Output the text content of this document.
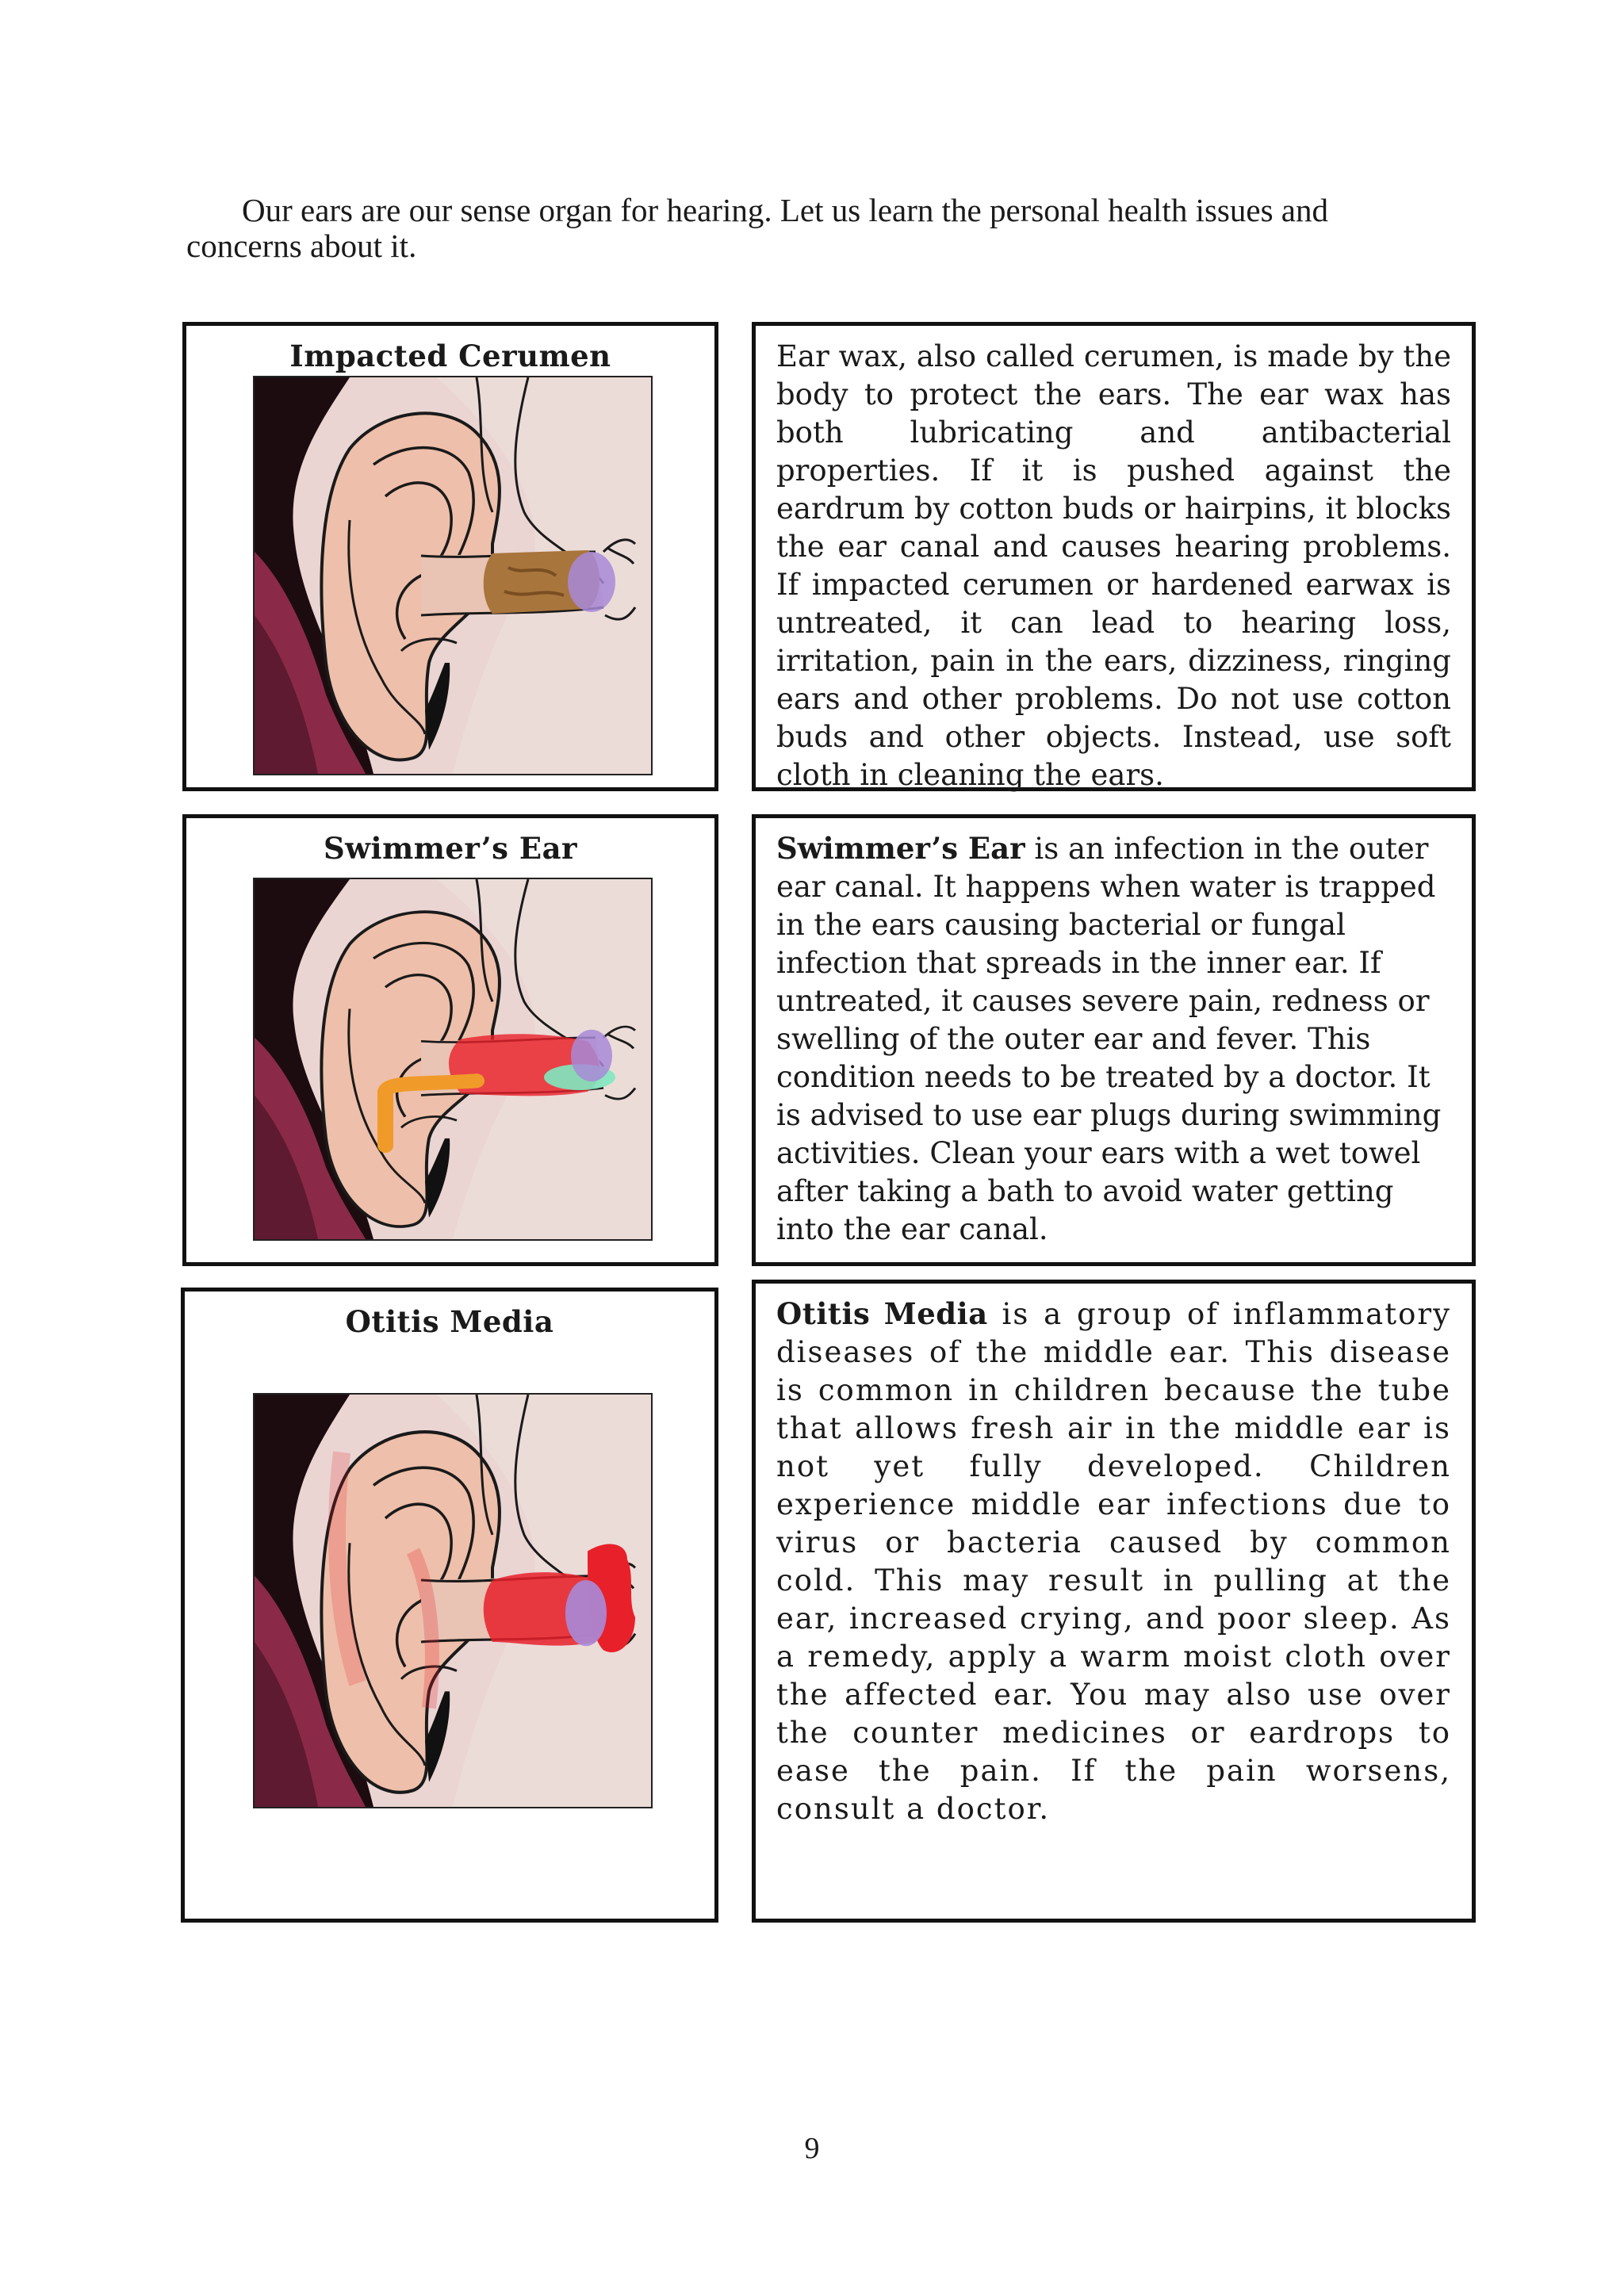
Our ears are our sense organ for hearing. Let us learn the personal health issues and concerns about it.
Impacted Cerumen	Ear wax, also called cerumen, is made by the body to protect the ears. The ear wax has both lubricating and antibacterial properties. If it is pushed against the eardrum by cotton buds or hairpins, it blocks the ear canal and causes hearing problems. If impacted cerumen or hardened earwax is untreated, it can lead to hearing loss, irritation, pain in the ears, dizziness, ringing ears and other problems. Do not use cotton buds and other objects. Instead, use soft cloth in cleaning the ears.
Swimmer’s Ear	Swimmer’s Ear is an infection in the outer ear canal. It happens when water is trapped in the ears causing bacterial or fungal infection that spreads in the inner ear. If untreated, it causes severe pain, redness or swelling of the outer ear and fever. This condition needs to be treated by a doctor. It is advised to use ear plugs during swimming activities. Clean your ears with a wet towel after taking a bath to avoid water getting into the ear canal.
Otitis Media	Otitis Media is a group of inflammatory diseases of the middle ear. This disease is common in children because the tube that allows fresh air in the middle ear is not yet fully developed. Children experience middle ear infections due to virus or bacteria caused by common cold. This may result in pulling at the ear, increased crying, and poor sleep. As a remedy, apply a warm moist cloth over the affected ear. You may also use over the counter medicines or eardrops to ease the pain. If the pain worsens, consult a doctor.
9
